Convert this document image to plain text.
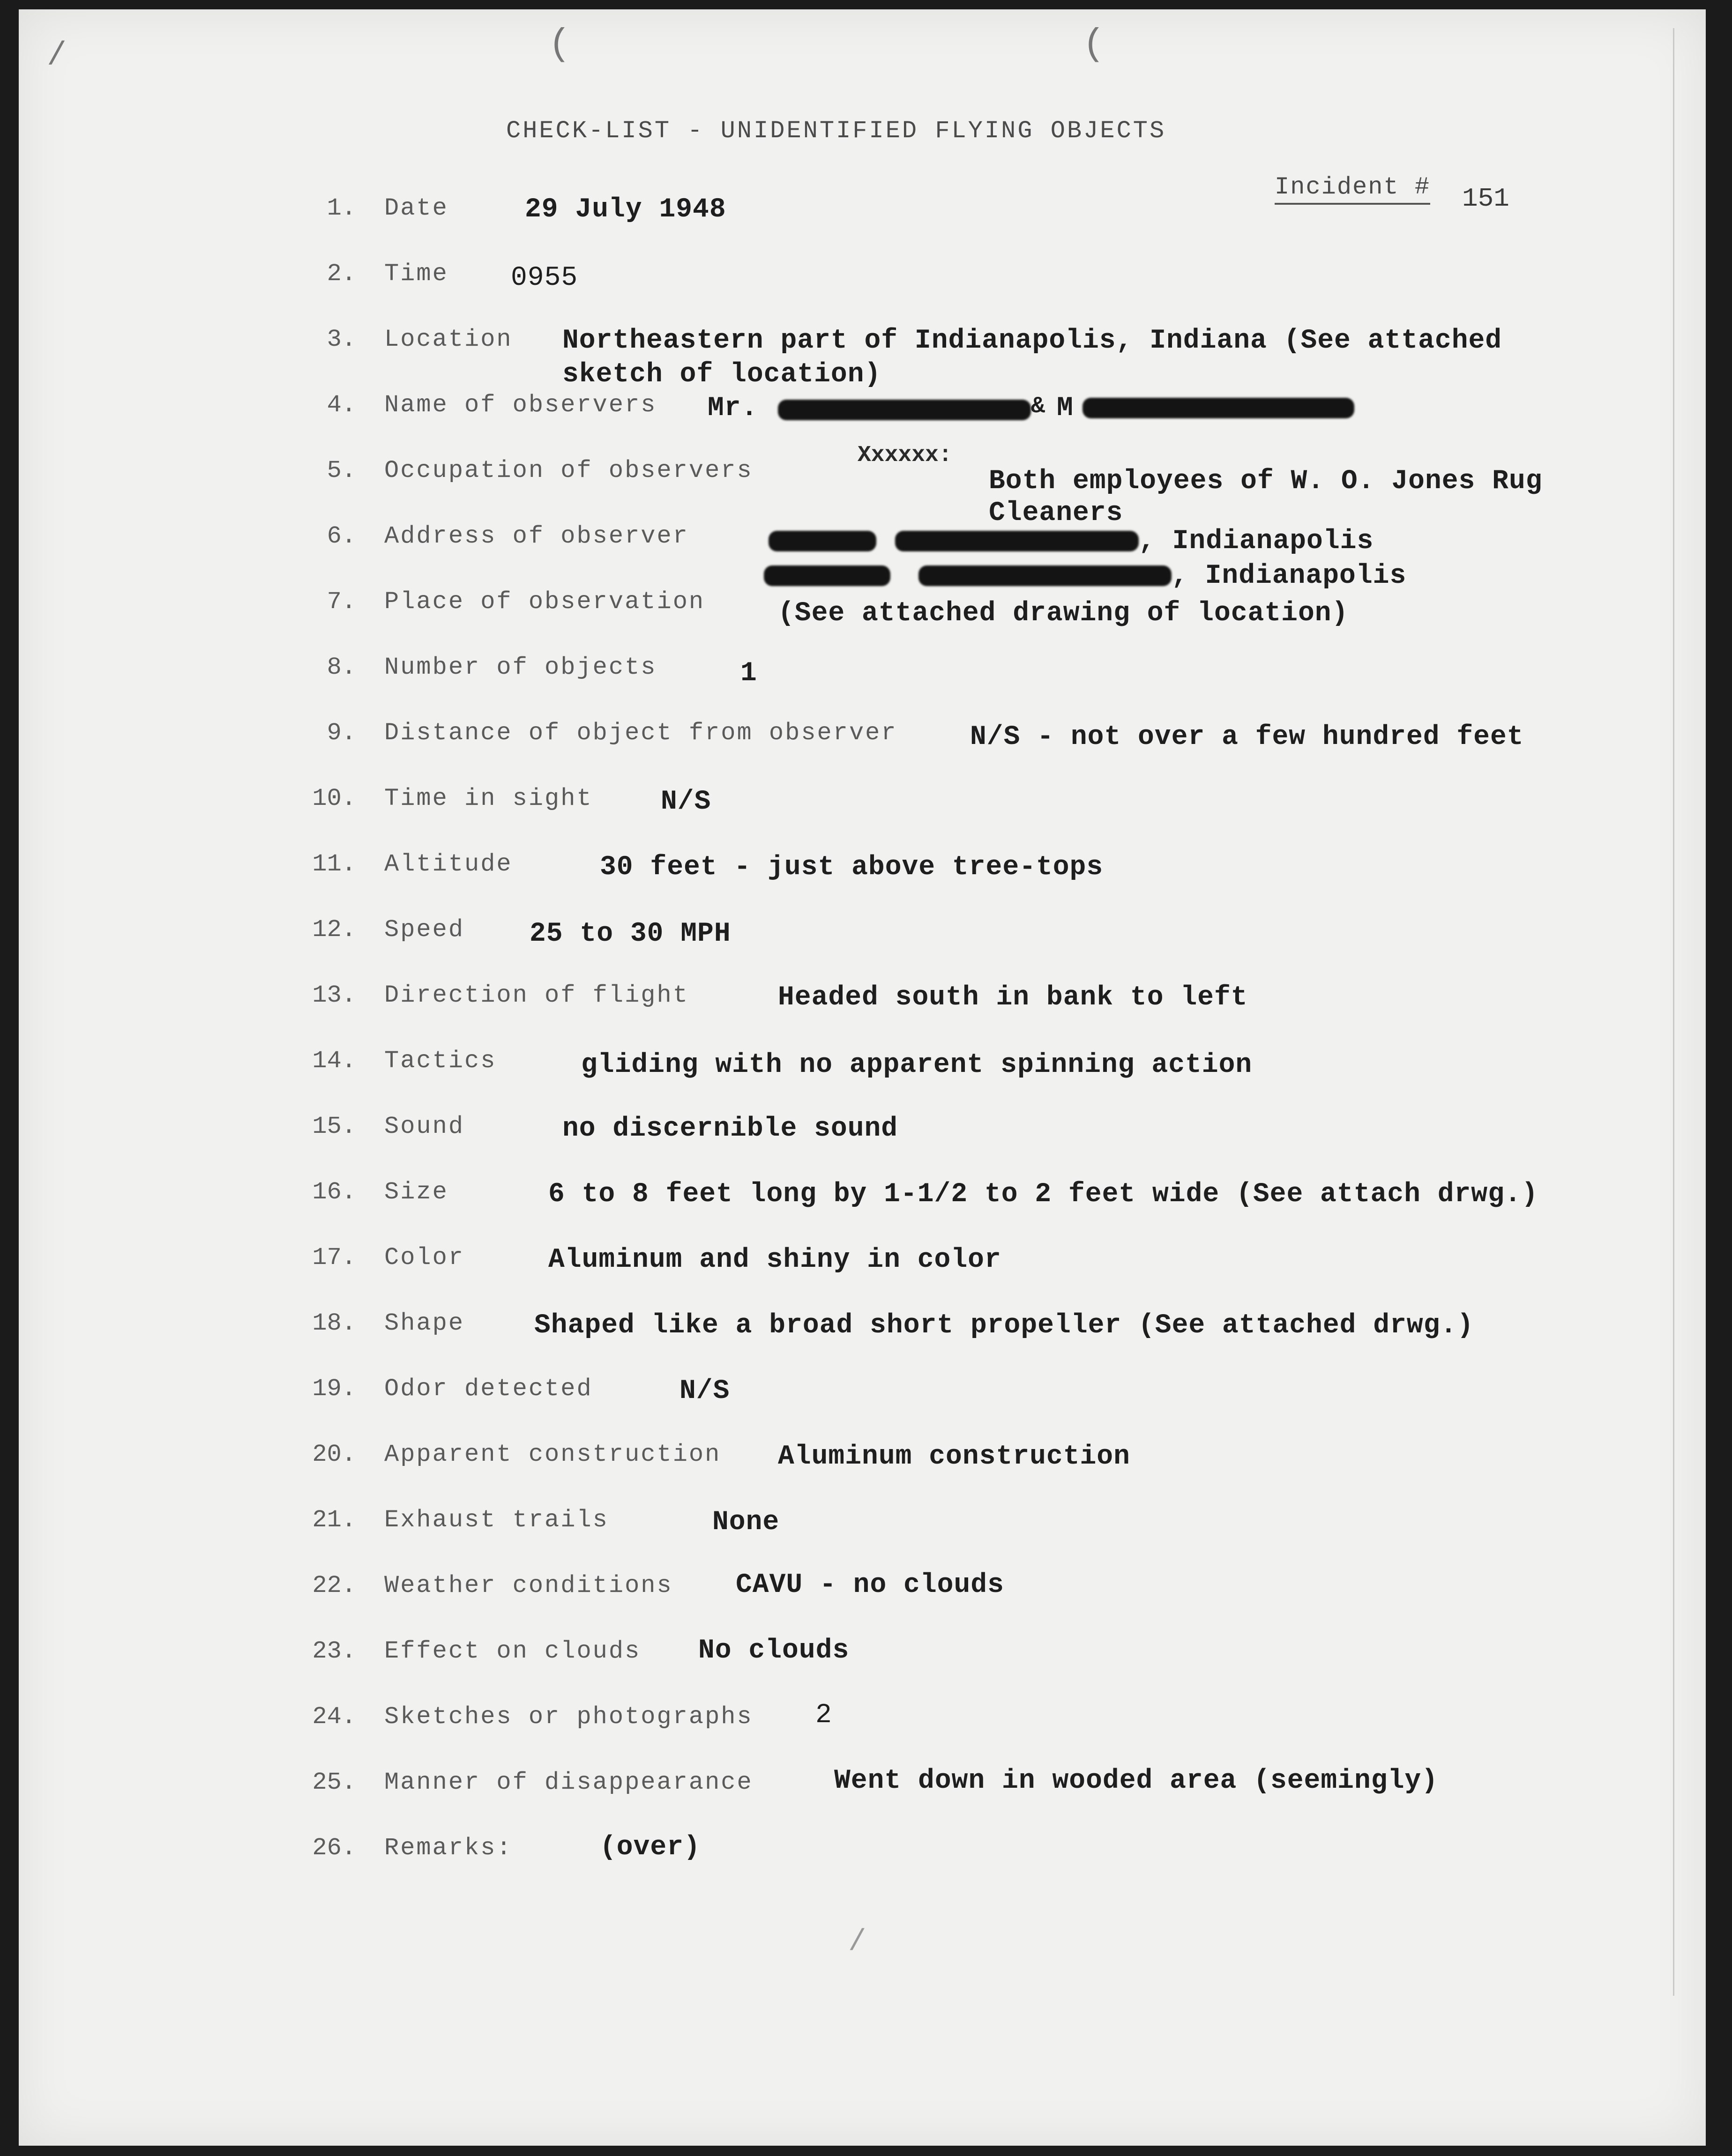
(	(
/
CHECK-LIST - UNIDENTIFIED FLYING OBJECTS
Incident # 151
1. Date	29 July 1948
2. Time 0955
3. Location Northeastern part of Indianapolis, Indiana (See attached
sketch of location)
4. Name of observers Mr.	& M
5. Occupation of observers
Xxxxxx:
Both employees of W. O. Jones Rug
Cleaners
6. Address of observer	, Indianapolis
, Indianapolis
7. Place of observation	(See attached drawing of location)
8. Number of objects	1
9. Distance of object from observer	N/S - not over a few hundred feet
10. Time in sight	N/S
11. Altitude	30 feet - just above tree-tops
12. Speed 25 to 30 MPH
13. Direction of flight	Headed south in bank to left
14. Tactics	gliding with no apparent spinning action
15. Sound	no discernible sound
16. Size	6 to 8 feet long by 1-1/2 to 2 feet wide (See attach drwg.)
17. Color	Aluminum and shiny in color
18. Shape	Shaped like a broad short propeller (See attached drwg.)
19. Odor detected	N/S
20. Apparent construction Aluminum construction
21. Exhaust trails	None
22. Weather conditions CAVU - no clouds
23. Effect on clouds No clouds
24. Sketches or photographs 2
25. Manner of disappearance	Went down in wooded area (seemingly)
26. Remarks:	(over)
/
